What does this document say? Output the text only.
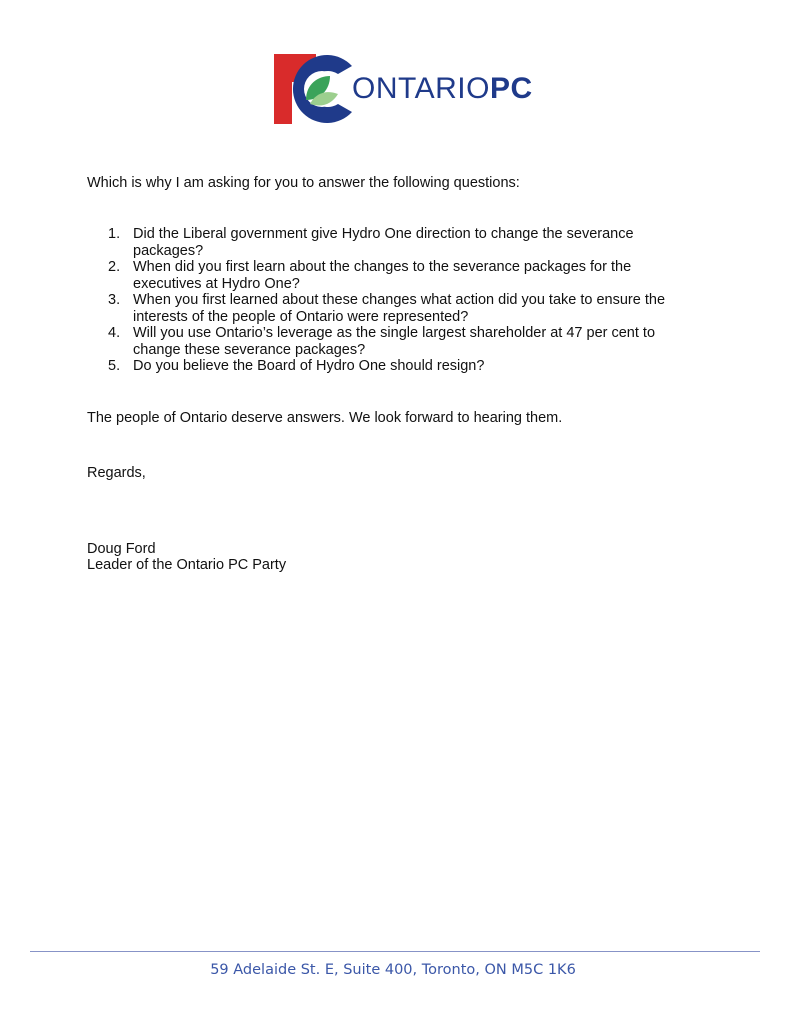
ONTARIOPC
Which is why I am asking for you to answer the following questions:
1. Did the Liberal government give Hydro One direction to change the severance packages?
2. When did you first learn about the changes to the severance packages for the executives at Hydro One?
3. When you first learned about these changes what action did you take to ensure the interests of the people of Ontario were represented?
4. Will you use Ontario’s leverage as the single largest shareholder at 47 per cent to change these severance packages?
5. Do you believe the Board of Hydro One should resign?
The people of Ontario deserve answers. We look forward to hearing them.
Regards,
Doug Ford
Leader of the Ontario PC Party
59 Adelaide St. E, Suite 400, Toronto, ON M5C 1K6
